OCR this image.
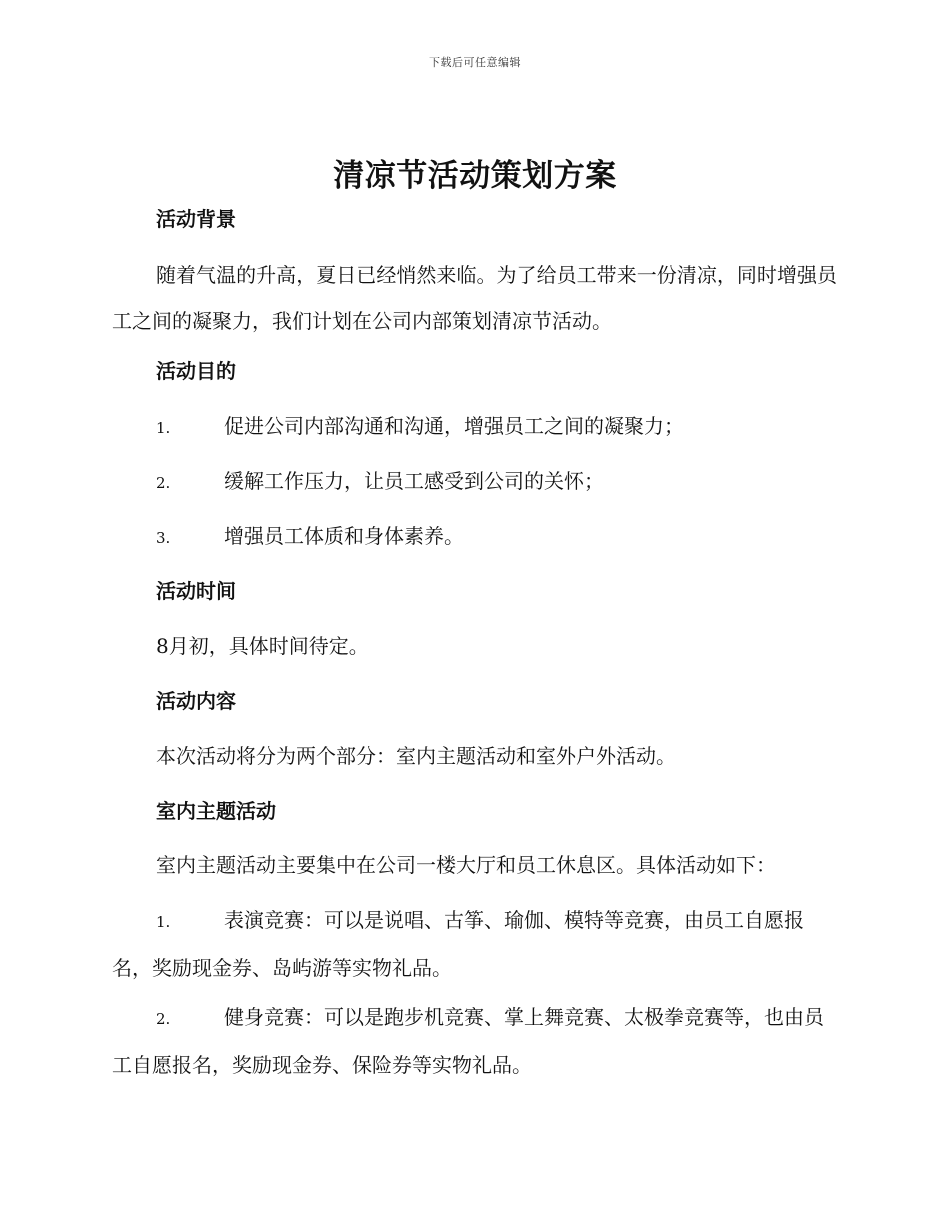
下载后可任意编辑
清凉节活动策划方案
活动背景

随着气温的升高，夏日已经悄然来临。为了给员工带来一份清凉，同时增强员工之间的凝聚力，我们计划在公司内部策划清凉节活动。

活动目的

1.	促进公司内部沟通和沟通，增强员工之间的凝聚力；

2.	缓解工作压力，让员工感受到公司的关怀；

3.	增强员工体质和身体素养。

活动时间

8月初，具体时间待定。

活动内容

本次活动将分为两个部分：室内主题活动和室外户外活动。

室内主题活动

室内主题活动主要集中在公司一楼大厅和员工休息区。具体活动如下：

1.	表演竞赛：可以是说唱、古筝、瑜伽、模特等竞赛，由员工自愿报名，奖励现金券、岛屿游等实物礼品。

2.	健身竞赛：可以是跑步机竞赛、掌上舞竞赛、太极拳竞赛等，也由员工自愿报名，奖励现金券、保险券等实物礼品。
